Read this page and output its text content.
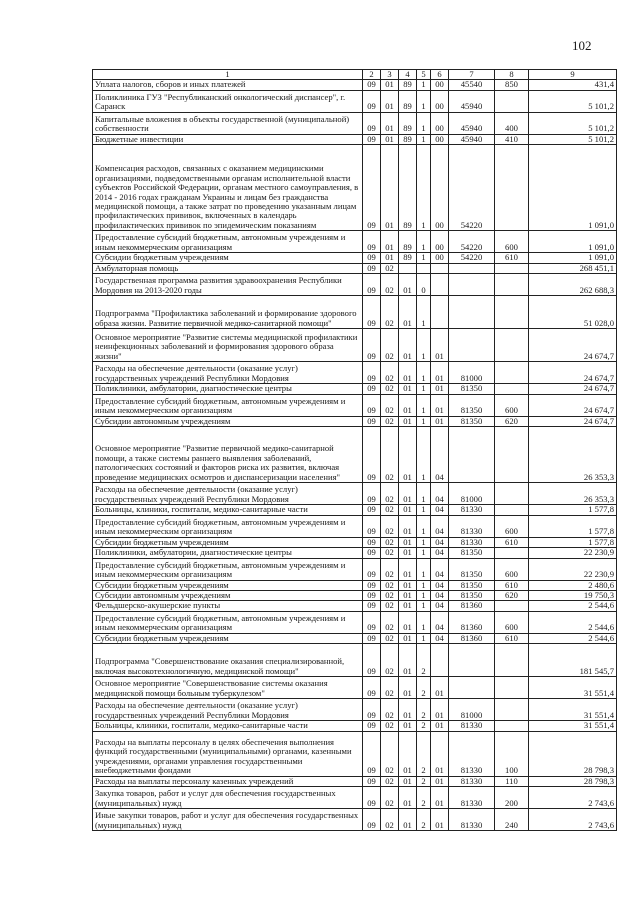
102
1	2	3	4	5	6	7	8	9
Уплата налогов, сборов и иных платежей	09	01	89	1	00	45540	850	431,4
Поликлиника ГУЗ "Республиканский онкологический диспансер", г. Саранск	09	01	89	1	00	45940		5 101,2
Капитальные вложения в объекты государственной (муниципальной) собственности	09	01	89	1	00	45940	400	5 101,2
Бюджетные инвестиции	09	01	89	1	00	45940	410	5 101,2
Компенсация расходов, связанных с оказанием медицинскими организациями, подведомственными органам исполнительной власти субъектов Российской Федерации, органам местного самоуправления, в 2014 - 2016 годах гражданам Украины и лицам без гражданства медицинской помощи, а также затрат по проведению указанным лицам профилактических прививок, включенных в календарь профилактических прививок по эпидемическим показаниям	09	01	89	1	00	54220		1 091,0
Предоставление субсидий бюджетным, автономным учреждениям и иным некоммерческим организациям	09	01	89	1	00	54220	600	1 091,0
Субсидии бюджетным учреждениям	09	01	89	1	00	54220	610	1 091,0
Амбулаторная помощь	09	02						268 451,1
Государственная программа развития здравоохранения Республики Мордовия на 2013-2020 годы	09	02	01	0				262 688,3
Подпрограмма "Профилактика заболеваний и формирование здорового образа жизни. Развитие первичной медико-санитарной помощи"	09	02	01	1				51 028,0
Основное мероприятие "Развитие системы медицинской профилактики неинфекционных заболеваний и формирования здорового образа жизни"	09	02	01	1	01			24 674,7
Расходы на обеспечение деятельности (оказание услуг) государственных учреждений Республики Мордовия	09	02	01	1	01	81000		24 674,7
Поликлиники, амбулатории, диагностические центры	09	02	01	1	01	81350		24 674,7
Предоставление субсидий бюджетным, автономным учреждениям и иным некоммерческим организациям	09	02	01	1	01	81350	600	24 674,7
Субсидии автономным учреждениям	09	02	01	1	01	81350	620	24 674,7
Основное мероприятие "Развитие первичной медико-санитарной помощи, а также системы раннего выявления заболеваний, патологических состояний и факторов риска их развития, включая проведение медицинских осмотров и диспансеризации населения"	09	02	01	1	04			26 353,3
Расходы на обеспечение деятельности (оказание услуг) государственных учреждений Республики Мордовия	09	02	01	1	04	81000		26 353,3
Больницы, клиники, госпитали, медико-санитарные части	09	02	01	1	04	81330		1 577,8
Предоставление субсидий бюджетным, автономным учреждениям и иным некоммерческим организациям	09	02	01	1	04	81330	600	1 577,8
Субсидии бюджетным учреждениям	09	02	01	1	04	81330	610	1 577,8
Поликлиники, амбулатории, диагностические центры	09	02	01	1	04	81350		22 230,9
Предоставление субсидий бюджетным, автономным учреждениям и иным некоммерческим организациям	09	02	01	1	04	81350	600	22 230,9
Субсидии бюджетным учреждениям	09	02	01	1	04	81350	610	2 480,6
Субсидии автономным учреждениям	09	02	01	1	04	81350	620	19 750,3
Фельдшерско-акушерские пункты	09	02	01	1	04	81360		2 544,6
Предоставление субсидий бюджетным, автономным учреждениям и иным некоммерческим организациям	09	02	01	1	04	81360	600	2 544,6
Субсидии бюджетным учреждениям	09	02	01	1	04	81360	610	2 544,6
Подпрограмма "Совершенствование оказания специализированной, включая высокотехнологичную, медицинской помощи"	09	02	01	2				181 545,7
Основное мероприятие "Совершенствование системы оказания медицинской помощи больным туберкулезом"	09	02	01	2	01			31 551,4
Расходы на обеспечение деятельности (оказание услуг) государственных учреждений Республики Мордовия	09	02	01	2	01	81000		31 551,4
Больницы, клиники, госпитали, медико-санитарные части	09	02	01	2	01	81330		31 551,4
Расходы на выплаты персоналу в целях обеспечения выполнения функций государственными (муниципальными) органами, казенными учреждениями, органами управления государственными внебюджетными фондами	09	02	01	2	01	81330	100	28 798,3
Расходы на выплаты персоналу казенных учреждений	09	02	01	2	01	81330	110	28 798,3
Закупка товаров, работ и услуг для обеспечения государственных (муниципальных) нужд	09	02	01	2	01	81330	200	2 743,6
Иные закупки товаров, работ и услуг для обеспечения государственных (муниципальных) нужд	09	02	01	2	01	81330	240	2 743,6
